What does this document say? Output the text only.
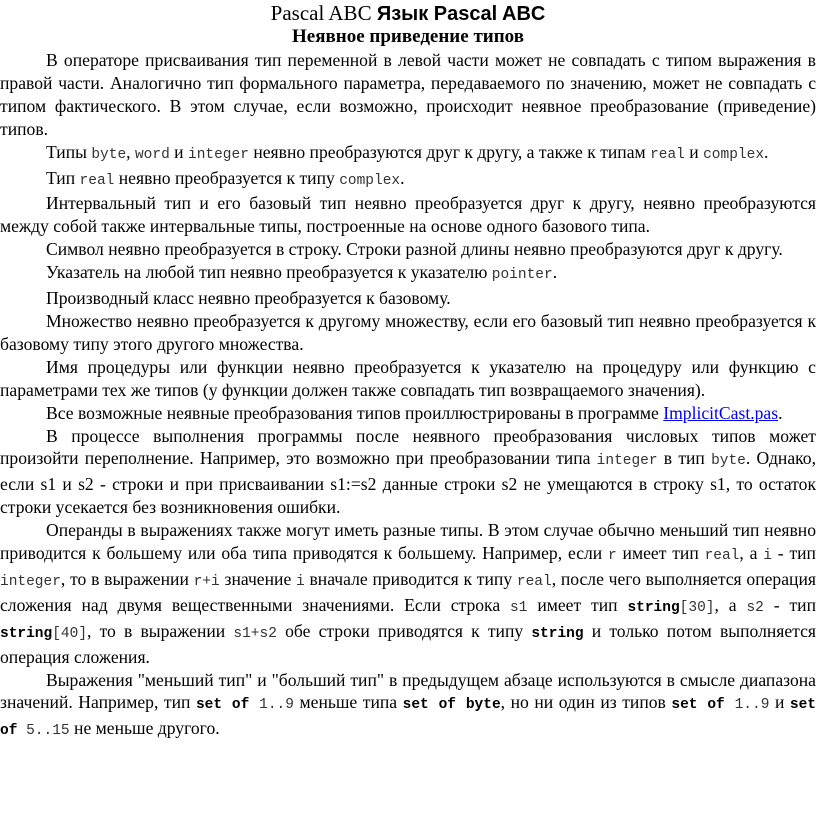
Pascal ABC Язык Pascal ABC
Неявное приведение типов

В операторе присваивания тип переменной в левой части может не совпадать с типом выражения в правой части. Аналогично тип формального параметра, передаваемого по значению, может не совпадать с типом фактического. В этом случае, если возможно, происходит неявное преобразование (приведение) типов.

Типы byte, word и integer неявно преобразуются друг к другу, а также к типам real и complex.

Тип real неявно преобразуется к типу complex.

Интервальный тип и его базовый тип неявно преобразуется друг к другу, неявно преобразуются между собой также интервальные типы, построенные на основе одного базового типа.

Символ неявно преобразуется в строку. Строки разной длины неявно преобразуются друг к другу.

Указатель на любой тип неявно преобразуется к указателю pointer.

Производный класс неявно преобразуется к базовому.

Множество неявно преобразуется к другому множеству, если его базовый тип неявно преобразуется к базовому типу этого другого множества.

Имя процедуры или функции неявно преобразуется к указателю на процедуру или функцию с параметрами тех же типов (у функции должен также совпадать тип возвращаемого значения).

Все возможные неявные преобразования типов проиллюстрированы в программе ImplicitCast.pas.

В процессе выполнения программы после неявного преобразования числовых типов может произойти переполнение. Например, это возможно при преобразовании типа integer в тип byte. Однако, если s1 и s2 - строки и при присваивании s1:=s2 данные строки s2 не умещаются в строку s1, то остаток строки усекается без возникновения ошибки.

Операнды в выражениях также могут иметь разные типы. В этом случае обычно меньший тип неявно приводится к большему или оба типа приводятся к большему. Например, если r имеет тип real, а i - тип integer, то в выражении r+i значение i вначале приводится к типу real, после чего выполняется операция сложения над двумя вещественными значениями. Если строка s1 имеет тип string[30], а s2 - тип string[40], то в выражении s1+s2 обе строки приводятся к типу string и только потом выполняется операция сложения.

Выражения "меньший тип" и "больший тип" в предыдущем абзаце используются в смысле диапазона значений. Например, тип set of 1..9 меньше типа set of byte, но ни один из типов set of 1..9 и set of 5..15 не меньше другого.
